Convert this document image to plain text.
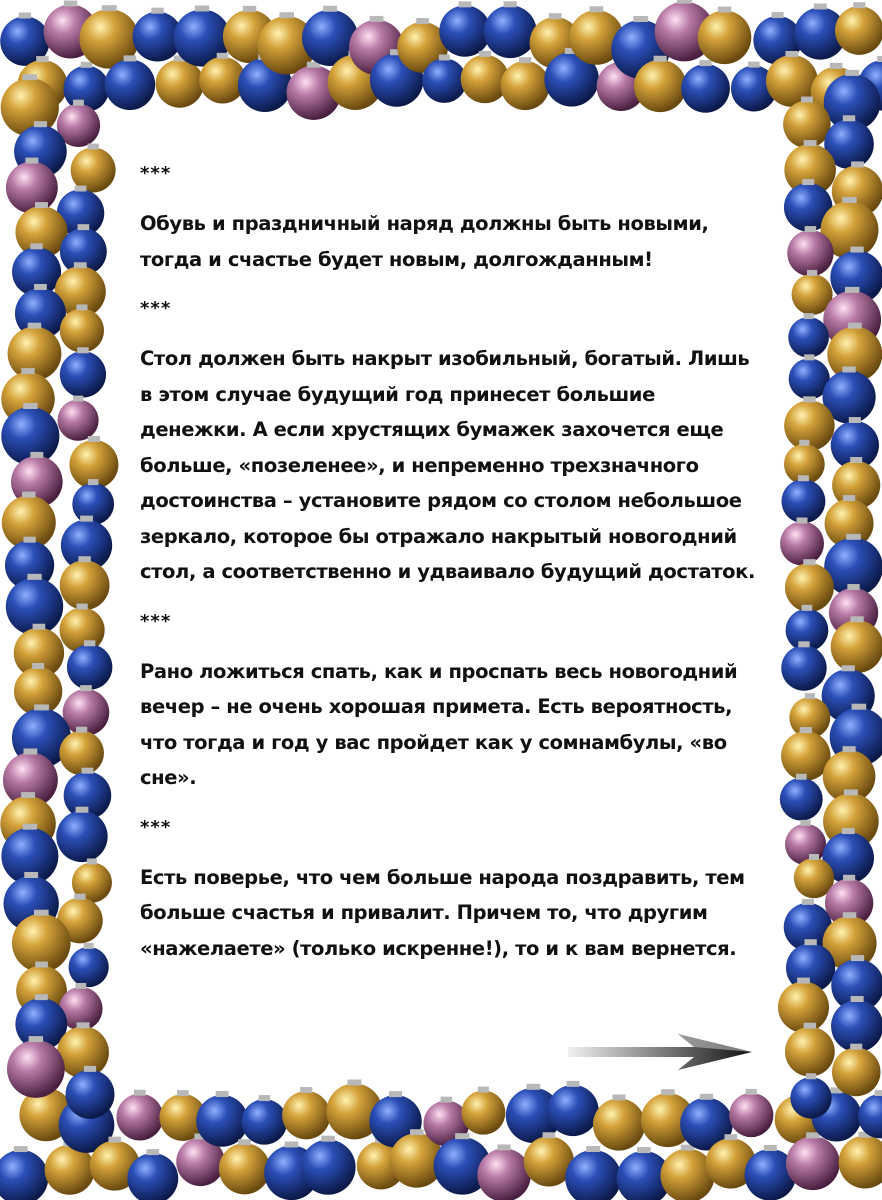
***
Обувь и праздничный наряд должны быть новыми, тогда и счастье будет новым, долгожданным!
***
Стол должен быть накрыт изобильный, богатый. Лишь в этом случае будущий год принесет большие денежки. А если хрустящих бумажек захочется еще больше, «позеленее», и непременно трехзначного достоинства – установите рядом со столом небольшое зеркало, которое бы отражало накрытый новогодний стол, а соответственно и удваивало будущий достаток.
***
Рано ложиться спать, как и проспать весь новогодний вечер – не очень хорошая примета. Есть вероятность, что тогда и год у вас пройдет как у сомнамбулы, «во сне».
***
Есть поверье, что чем больше народа поздравить, тем больше счастья и привалит. Причем то, что другим «нажелаете» (только искренне!), то и к вам вернется.
